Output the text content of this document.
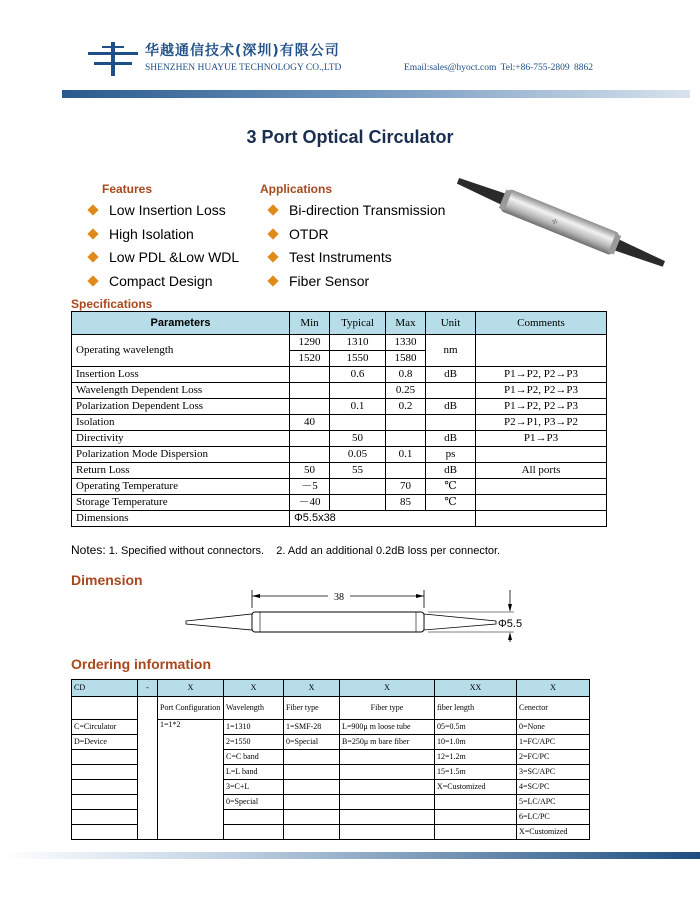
华越通信技术(深圳)有限公司
SHENZHEN HUAYUE TECHNOLOGY CO.,LTD	Email:sales@hyoct.com Tel:+86-755-2809 8862
3 Port Optical Circulator
Features	Applications
Low Insertion Loss
High Isolation
Low PDL &Low WDL
Compact Design
Bi-direction Transmission
OTDR
Test Instruments
Fiber Sensor
✣
Specifications
Parameters	Min	Typical	Max	Unit	Comments
Operating wavelength	1290	1310	1330	nm	
	1520	1550	1580		
Insertion Loss		0.6	0.8	dB	P1→P2, P2→P3
Wavelength Dependent Loss			0.25		P1→P2, P2→P3
Polarization Dependent Loss		0.1	0.2	dB	P1→P2, P2→P3
Isolation	40				P2→P1, P3→P2
Directivity		50		dB	P1→P3
Polarization Mode Dispersion		0.05	0.1	ps	
Return Loss	50	55		dB	All ports
Operating Temperature	－5		70	℃	
Storage Temperature	－40		85	℃	
Dimensions	Φ5.5x38				
Notes: 1. Specified without connectors.    2. Add an additional 0.2dB loss per connector.
Dimension
38
Φ5.5
Ordering information
CD	-	X	X	X	X	XX	X
		Port Configuration	Wavelength	Fiber type	Fiber type	fiber length	Cenector
C=Circulator		1=1*2	1=1310	1=SMF-28	L=900μ m loose tube	05=0.5m	0=None
D=Device			2=1550	0=Special	B=250μ m bare fiber	10=1.0m	1=FC/APC
			C=C band			12=1.2m	2=FC/PC
			L=L band			15=1.5m	3=SC/APC
			3=C+L			X=Customized	4=SC/PC
			0=Special				5=LC/APC
							6=LC/PC
							X=Customized
